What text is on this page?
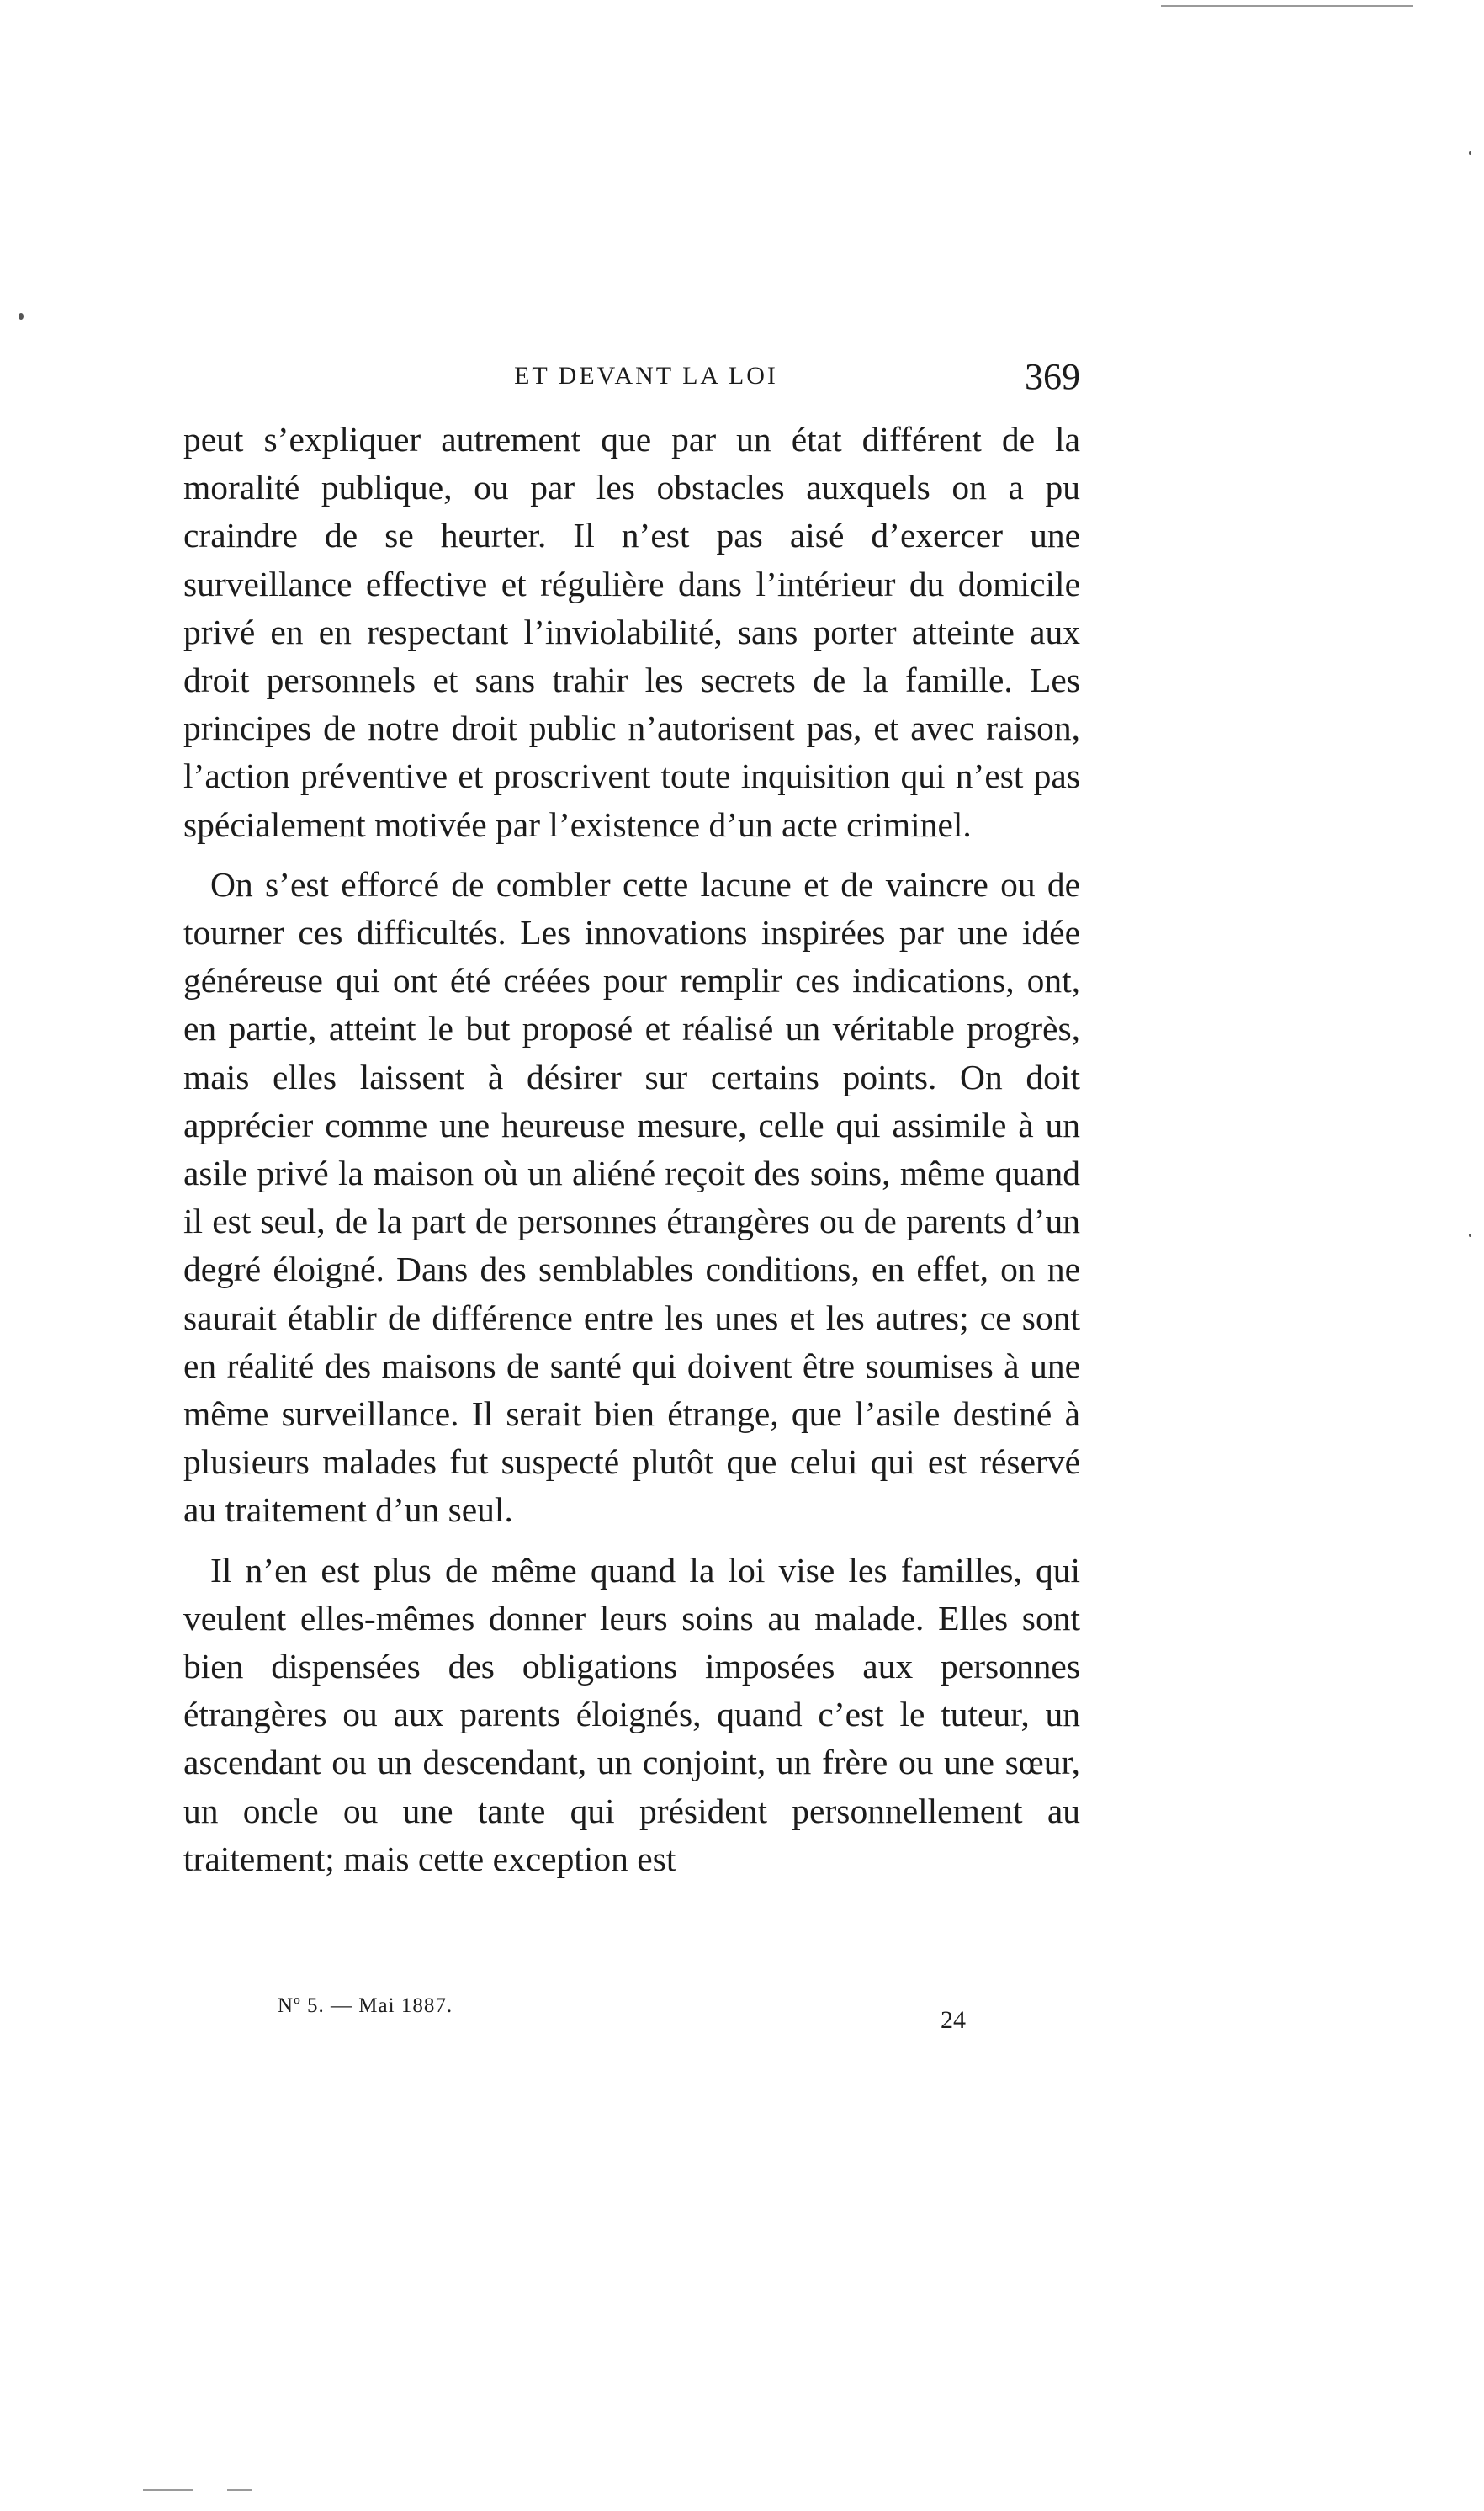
ET DEVANT LA LOI	369

peut s’expliquer autrement que par un état différent de la moralité publique, ou par les obstacles auxquels on a pu craindre de se heurter. Il n’est pas aisé d’exercer une surveillance effective et régulière dans l’intérieur du domicile privé en en respectant l’inviolabilité, sans porter atteinte aux droit personnels et sans trahir les secrets de la famille. Les principes de notre droit public n’autorisent pas, et avec raison, l’action préventive et proscrivent toute inquisition qui n’est pas spécialement motivée par l’existence d’un acte criminel.

On s’est efforcé de combler cette lacune et de vaincre ou de tourner ces difficultés. Les innovations inspirées par une idée généreuse qui ont été créées pour remplir ces indications, ont, en partie, atteint le but proposé et réalisé un véritable progrès, mais elles laissent à désirer sur certains points. On doit apprécier comme une heureuse mesure, celle qui assimile à un asile privé la maison où un aliéné reçoit des soins, même quand il est seul, de la part de personnes étrangères ou de parents d’un degré éloigné. Dans des semblables conditions, en effet, on ne saurait établir de différence entre les unes et les autres; ce sont en réalité des maisons de santé qui doivent être soumises à une même surveillance. Il serait bien étrange, que l’asile destiné à plusieurs malades fut suspecté plutôt que celui qui est réservé au traitement d’un seul.

Il n’en est plus de même quand la loi vise les familles, qui veulent elles-mêmes donner leurs soins au malade. Elles sont bien dispensées des obligations imposées aux personnes étrangères ou aux parents éloignés, quand c’est le tuteur, un ascendant ou un descendant, un conjoint, un frère ou une sœur, un oncle ou une tante qui président personnellement au traitement; mais cette exception est

Nº 5. — Mai 1887.
24
